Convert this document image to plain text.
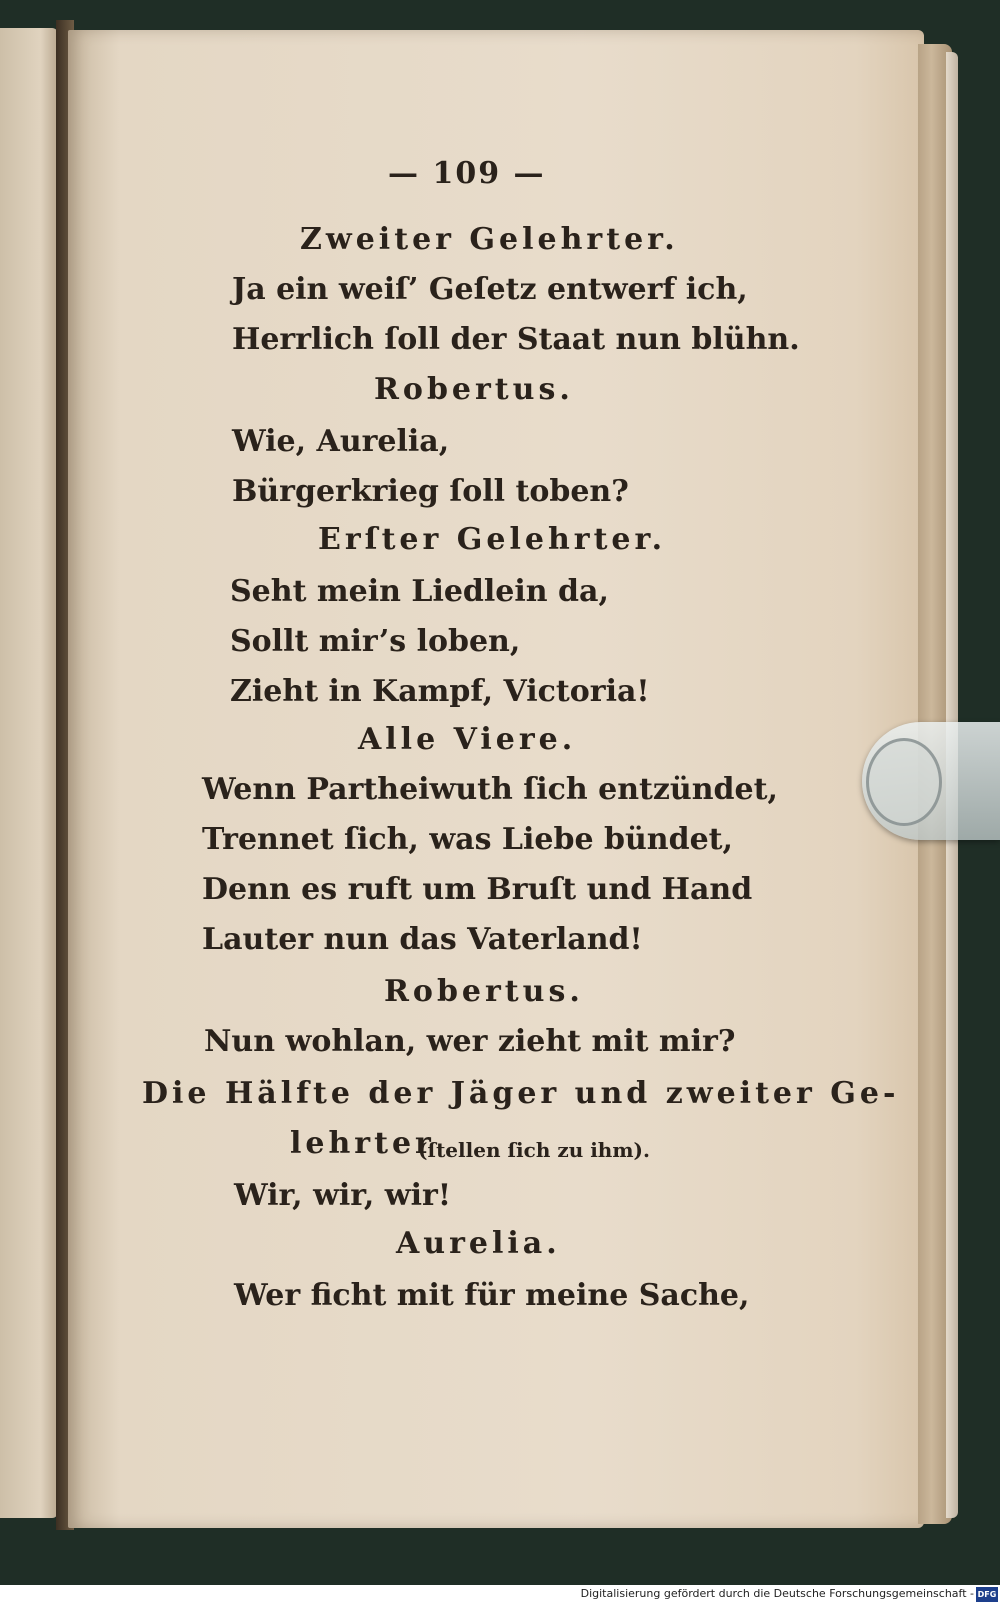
— 109 —
Zweiter Gelehrter.
Ja ein weiſ’ Geſetz entwerf ich,
Herrlich ſoll der Staat nun blühn.
Robertus.
Wie, Aurelia,
Bürgerkrieg ſoll toben?
Erſter Gelehrter.
Seht mein Liedlein da,
Sollt mir’s loben,
Zieht in Kampf, Victoria!
Alle Viere.
Wenn Partheiwuth ſich entzündet,
Trennet ſich, was Liebe bündet,
Denn es ruft um Bruſt und Hand
Lauter nun das Vaterland!
Robertus.
Nun wohlan, wer zieht mit mir?
Die Hälfte der Jäger und zweiter Ge-
lehrter
(ſtellen ſich zu ihm).
Wir, wir, wir!
Aurelia.
Wer ficht mit für meine Sache,
Digitalisierung gefördert durch die Deutsche Forschungsgemeinschaft - DFG
